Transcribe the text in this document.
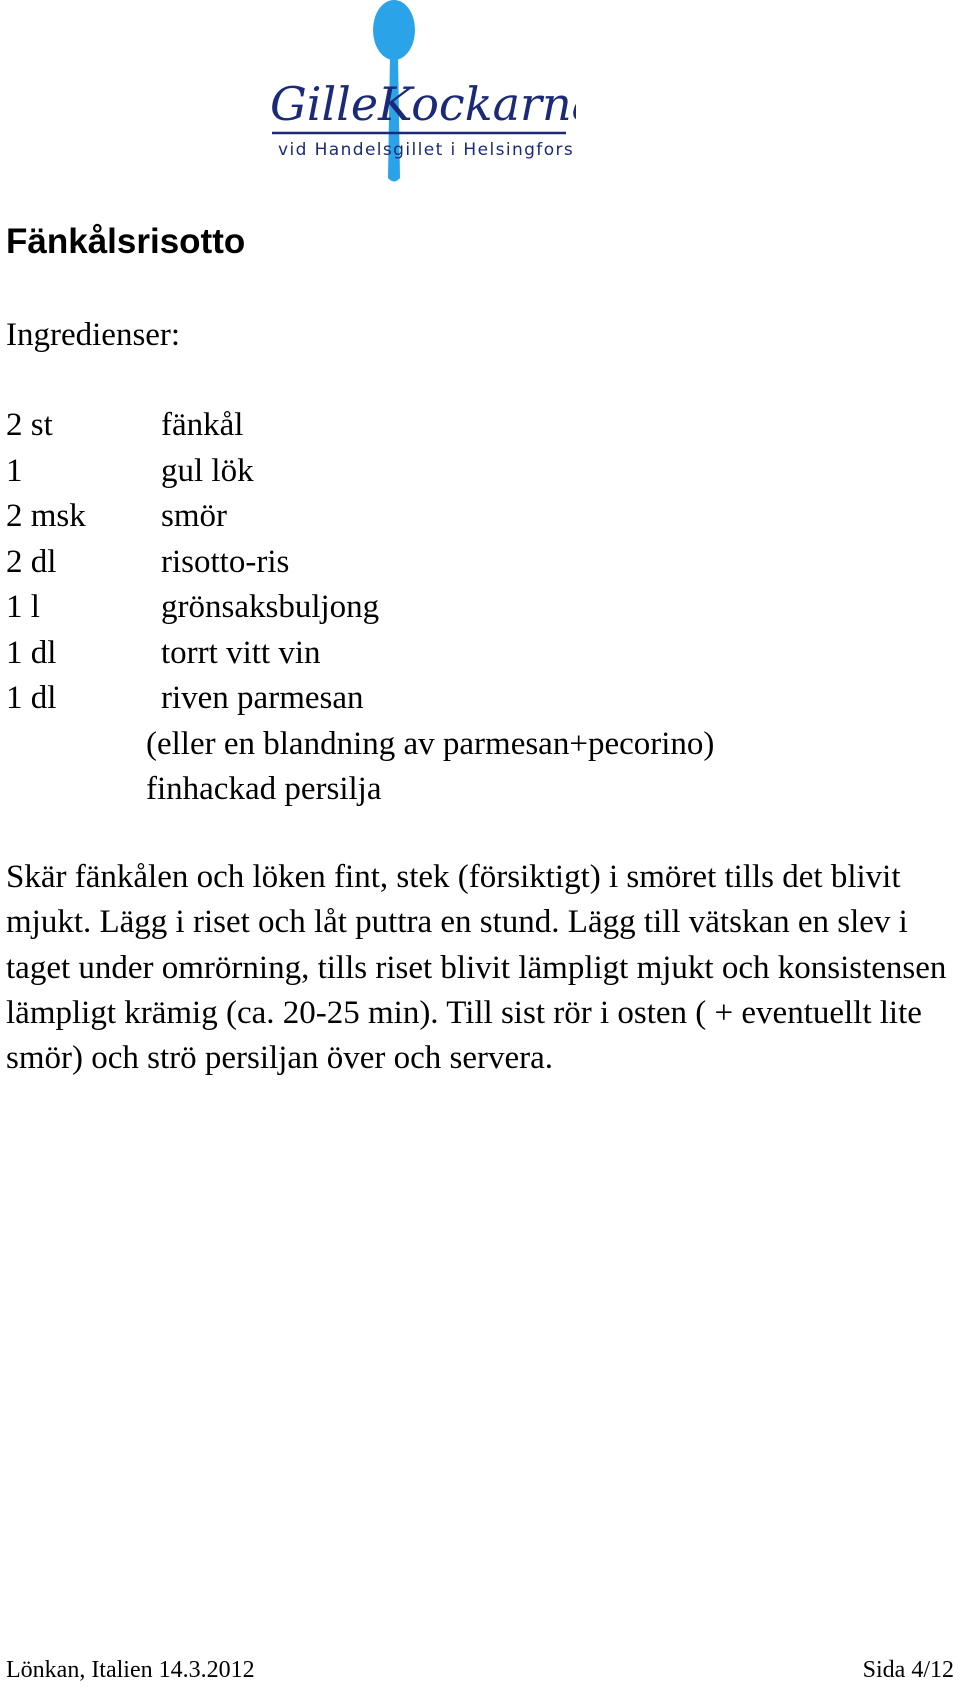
GilleKockarna
vid Handelsgillet i Helsingfors
Fänkålsrisotto
Ingredienser:
2 st	fänkål
1	gul lök
2 msk smör
2 dl	risotto-ris
1 l	grönsaksbuljong
1 dl	torrt vitt vin
1 dl	riven parmesan
(eller en blandning av parmesan+pecorino)
finhackad persilja

Skär fänkålen och löken fint, stek (försiktigt) i smöret tills det blivit mjukt. Lägg i riset och låt puttra en stund. Lägg till vätskan en slev i taget under omrörning, tills riset blivit lämpligt mjukt och konsistensen lämpligt krämig (ca. 20-25 min). Till sist rör i osten ( + eventuellt lite smör) och strö persiljan över och servera.

Lönkan, Italien 14.3.2012	Sida 4/12
